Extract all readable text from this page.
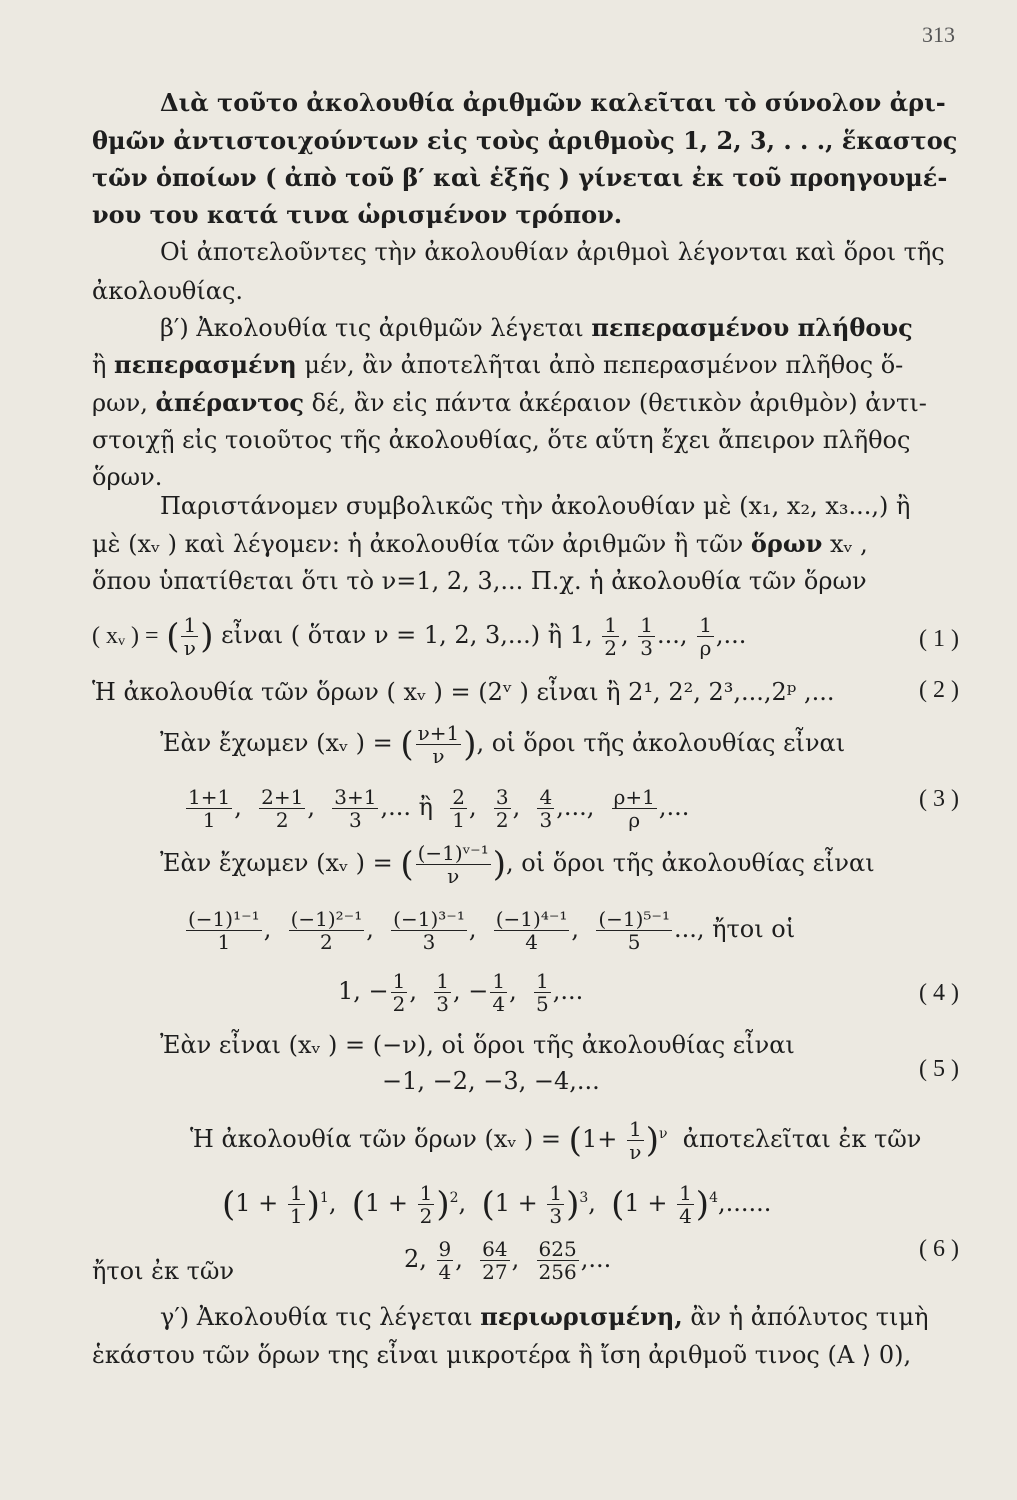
313
Διὰ τοῦτο ἀκολουθία ἀριθμῶν καλεῖται τὸ σύνολον ἀρι-
θμῶν ἀντιστοιχούντων εἰς τοὺς ἀριθμοὺς 1, 2, 3, . . ., ἕκαστος
τῶν ὁποίων ( ἀπὸ τοῦ β′ καὶ ἑξῆς ) γίνεται ἐκ τοῦ προηγουμέ-
νου του κατά τινα ὡρισμένον τρόπον.
Οἱ ἀποτελοῦντες τὴν ἀκολουθίαν ἀριθμοὶ λέγονται καὶ ὅροι τῆς
ἀκολουθίας.
β′) Ἀκολουθία τις ἀριθμῶν λέγεται πεπερασμένου πλήθους
ἢ πεπερασμένη μέν, ἂν ἀποτελῆται ἀπὸ πεπερασμένον πλῆθος ὅ-
ρων, ἀπέραντος δέ, ἂν εἰς πάντα ἀκέραιον (θετικὸν ἀριθμὸν) ἀντι-
στοιχῇ εἰς τοιοῦτος τῆς ἀκολουθίας, ὅτε αὕτη ἔχει ἄπειρον πλῆθος
ὅρων.
Παριστάνομεν συμβολικῶς τὴν ἀκολουθίαν μὲ (x₁, x₂, x₃...,) ἢ
μὲ (xᵥ ) καὶ λέγομεν: ἡ ἀκολουθία τῶν ἀριθμῶν ἢ τῶν ὅρων xᵥ ,
ὅπου ὑπατίθεται ὅτι τὸ ν=1, 2, 3,... Π.χ. ἡ ἀκολουθία τῶν ὅρων
( xᵥ ) = ( $\frac{1}{\nu}$ ) εἶναι ( ὅταν ν = 1, 2, 3,...) ἢ 1, $\frac{1}{2}$ , $\frac{1}{3}$ ..., $\frac{1}{\rho}$ ,...	( 1 )
Ἡ ἀκολουθία τῶν ὅρων ( xᵥ ) = (2ᵛ ) εἶναι ἢ 2¹, 2², 2³,...,2ᵖ ,...	( 2 )
Ἐὰν ἔχωμεν (xᵥ ) = ( $\frac{\nu+1}{\nu}$ ), οἱ ὅροι τῆς ἀκολουθίας εἶναι
$\frac{1+1}{1}$ , $\frac{2+1}{2}$ , $\frac{3+1}{3}$ ,... ἢ $\frac{2}{1}$ , $\frac{3}{2}$ , $\frac{4}{3}$ ,..., $\frac{\rho+1}{\rho}$ ,...	( 3 )
Ἐὰν ἔχωμεν (xᵥ ) = ( $\frac{\text{(−1)ᵛ⁻¹}}{\nu}$ ), οἱ ὅροι τῆς ἀκολουθίας εἶναι
$\frac{\text{(−1)¹⁻¹}}{1}$ , $\frac{\text{(−1)²⁻¹}}{2}$ , $\frac{\text{(−1)³⁻¹}}{3}$ , $\frac{\text{(−1)⁴⁻¹}}{4}$ , $\frac{\text{(−1)⁵⁻¹}}{5}$ ..., ἤτοι οἱ
1, − $\frac{1}{2}$ , $\frac{1}{3}$ , − $\frac{1}{4}$ , $\frac{1}{5}$ ,...	( 4 )
Ἐὰν εἶναι (xᵥ ) = (−ν), οἱ ὅροι τῆς ἀκολουθίας εἶναι
−1, −2, −3, −4,...	( 5 )
Ἡ ἀκολουθία τῶν ὅρων (xᵥ ) = $(1+ \frac{1}{\nu} )^\nu$ ἀποτελεῖται ἐκ τῶν
$(1 + \frac{1}{1} )^1$,  $(1 + \frac{1}{2} )^2$,  $(1 + \frac{1}{3} )^3$,  $(1 + \frac{1}{4} )^4$,......
ἤτοι ἐκ τῶν	2, $\frac{9}{4}$ , $\frac{64}{27}$ , $\frac{625}{256}$ ,...	( 6 )
γ′) Ἀκολουθία τις λέγεται περιωρισμένη, ἂν ἡ ἀπόλυτος τιμὴ
ἑκάστου τῶν ὅρων της εἶναι μικροτέρα ἢ ἴση ἀριθμοῦ τινος (A ⟩ 0),
